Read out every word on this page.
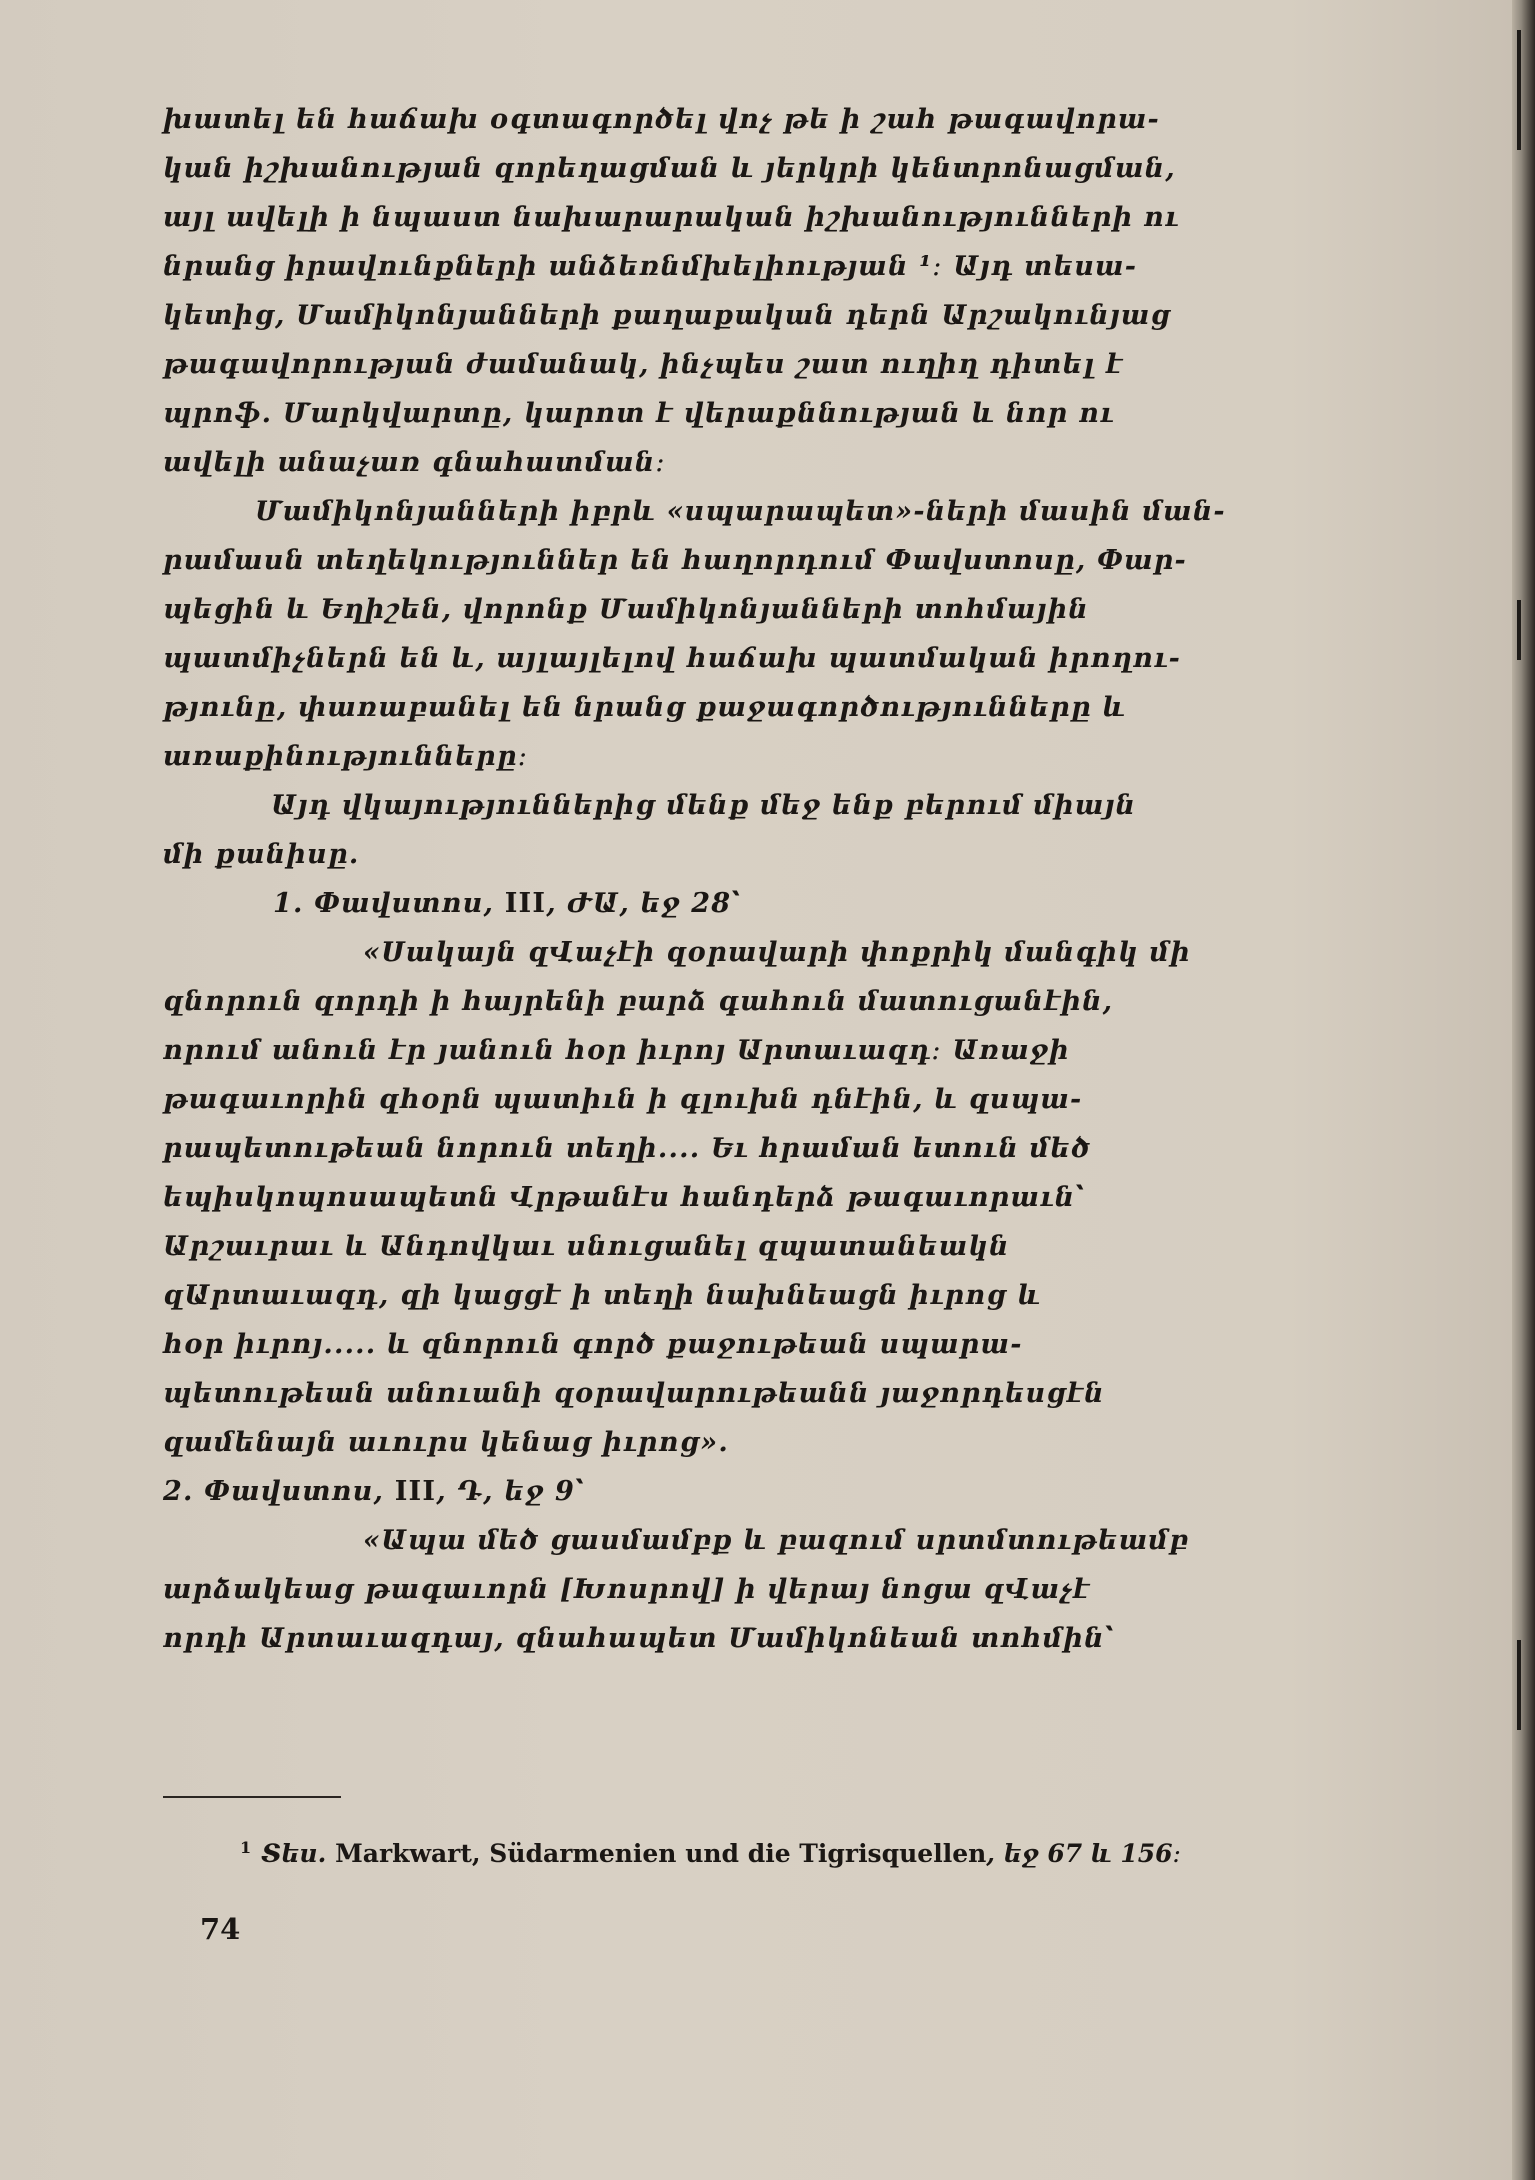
խատել են հաճախ օգտագործել վոչ թե ի շահ թագավորա-
կան իշխանության զորեղացման և յերկրի կենտրոնացման,
այլ ավելի ի նպաստ նախարարական իշխանությունների ու
նրանց իրավունքների անձեռնմխելիության ¹։ Այդ տեսա-
կետից, Մամիկոնյանների քաղաքական դերն Արշակունյաց
թագավորության ժամանակ, ինչպես շատ ուղիղ դիտել է
պրոֆ․ Մարկվարտը, կարոտ է վերաքննության և նոր ու
ավելի անաչառ գնահատման։
Մամիկոնյանների իբրև «սպարապետ»-ների մասին ման-
րամասն տեղեկություններ են հաղորդում Փավստոսը, Փար-
պեցին և Եղիշեն, վորոնք Մամիկոնյանների տոհմային
պատմիչներն են և, այլայլելով հաճախ պատմական իրողու-
թյունը, փառաբանել են նրանց քաջագործությունները և
առաքինությունները։
Այդ վկայություններից մենք մեջ ենք բերում միայն
մի քանիսը․
1․ Փավստոս, III, ԺԱ, եջ 28՝
«Սակայն զՎաչէի զօրավարի փոքրիկ մանգիկ մի
զնորուն զորդի ի հայրենի բարձ գահուն մատուցանէին,
որում անուն էր յանուն հօր իւրոյ Արտաւազդ։ Առաջի
թագաւորին զհօրն պատիւն ի գլուխն դնէին, և զսպա-
րապետութեան նորուն տեղի․․․․ Եւ հրաման ետուն մեծ
եպիսկոպոսապետն Վրթանէս հանդերձ թագաւորաւն՝
Արշաւրաւ և Անդովկաւ սնուցանել զպատանեակն
զԱրտաւազդ, զի կացցէ ի տեղի նախնեացն իւրոց և
հօր իւրոյ․․․․․ և զնորուն գործ քաջութեան սպարա-
պետութեան անուանի զօրավարութեանն յաջորդեսցէն
զամենայն աւուրս կենաց իւրոց»․
2․ Փավստոս, III, Դ, եջ 9՝
«Ապա մեծ ցասմամբք և բազում սրտմտութեամբ
արձակեաց թագաւորն [Խոսրով] ի վերայ նոցա զՎաչէ
որդի Արտաւազդայ, զնահապետ Մամիկոնեան տոհմին՝
$^1$ Տես․ Markwart, Südarmenien und die Tigrisquellen, եջ 67 և 156։
74
